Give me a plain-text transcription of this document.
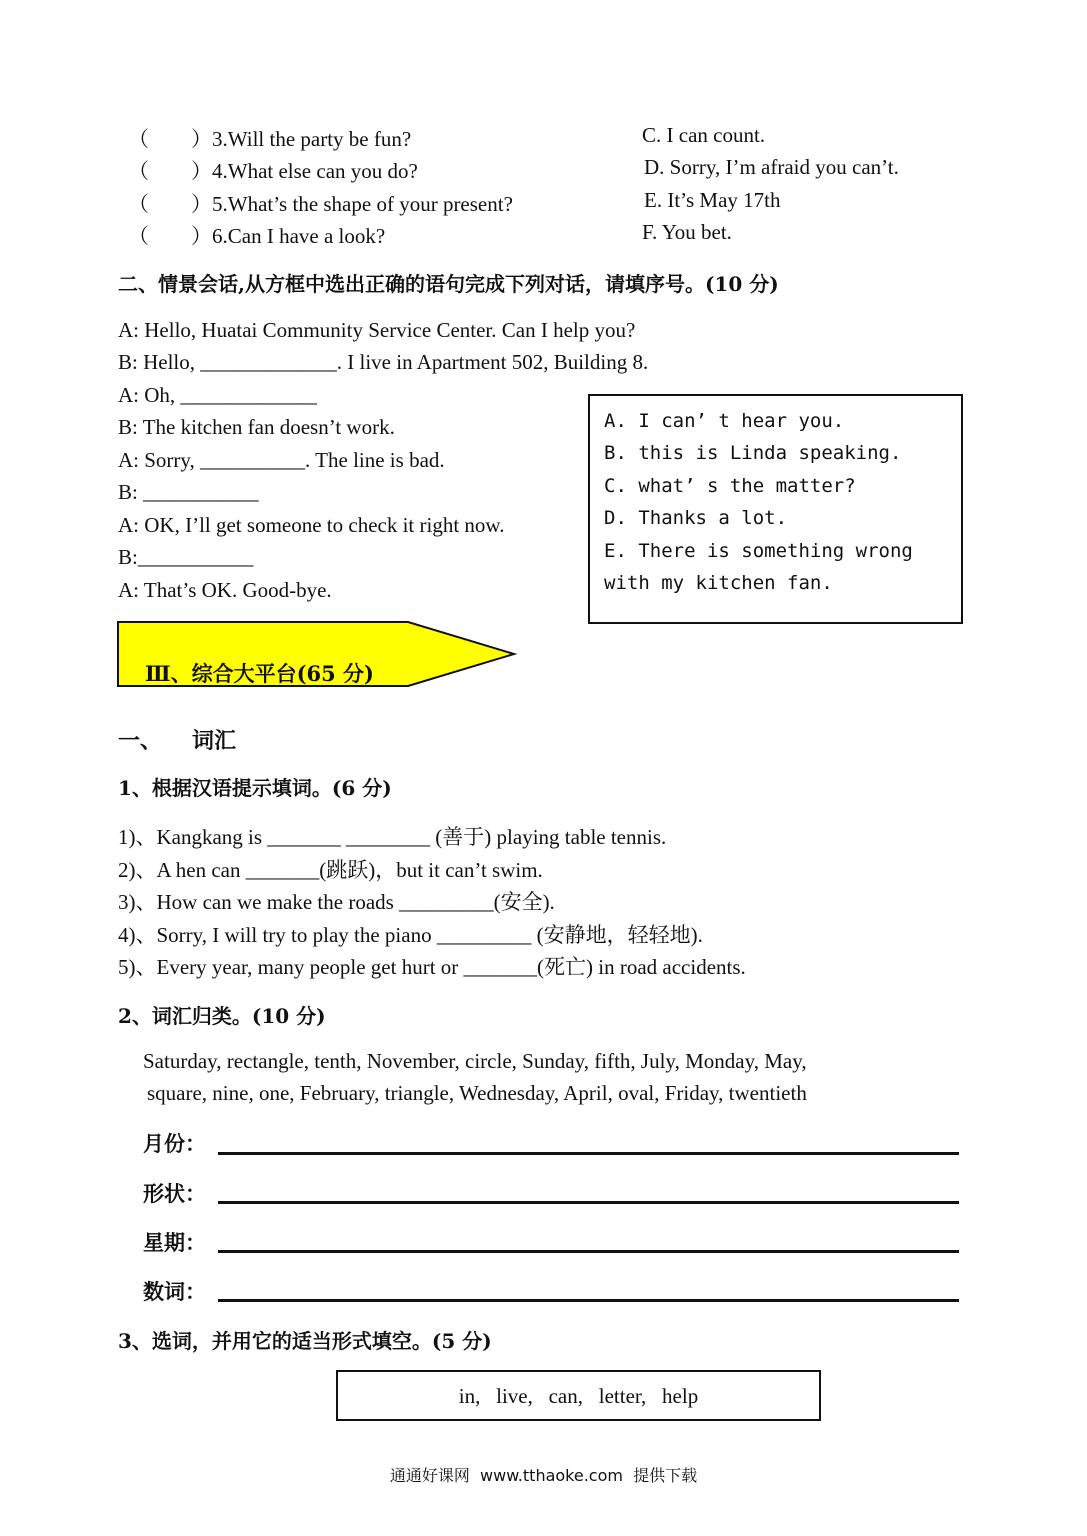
（　　）3.Will the party be fun?	C. I can count.
（　　）4.What else can you do?	D. Sorry, I’m afraid you can’t.
（　　）5.What’s the shape of your present?	E. It’s May 17th
（　　）6.Can I have a look?	F. You bet.
二、情景会话,从方框中选出正确的语句完成下列对话，请填序号。(10 分)
A: Hello, Huatai Community Service Center. Can I help you?
B: Hello, _____________. I live in Apartment 502, Building 8.
A: Oh, _____________
B: The kitchen fan doesn’t work.
A: Sorry, __________. The line is bad.
B: ___________
A: OK, I’ll get someone to check it right now.
B:___________
A: That’s OK. Good-bye.
A. I can’ t hear you.
B. this is Linda speaking.
C. what’ s the matter?
D. Thanks a lot.
E. There is something wrong
with my kitchen fan.
Ⅲ、综合大平台(65 分)
一、 词汇
1、根据汉语提示填词。(6 分)
1)、Kangkang is _______ ________ (善于) playing table tennis.
2)、A hen can _______(跳跃)，but it can’t swim.
3)、How can we make the roads _________(安全).
4)、Sorry, I will try to play the piano _________ (安静地，轻轻地).
5)、Every year, many people get hurt or _______(死亡) in road accidents.
2、词汇归类。(10 分)
Saturday, rectangle, tenth, November, circle, Sunday, fifth, July, Monday, May,
square, nine, one, February, triangle, Wednesday, April, oval, Friday, twentieth
月份：
形状：
星期：
数词：
3、选词，并用它的适当形式填空。(5 分)
in,   live,   can,   letter,   help
通通好课网  www.tthaoke.com  提供下载
